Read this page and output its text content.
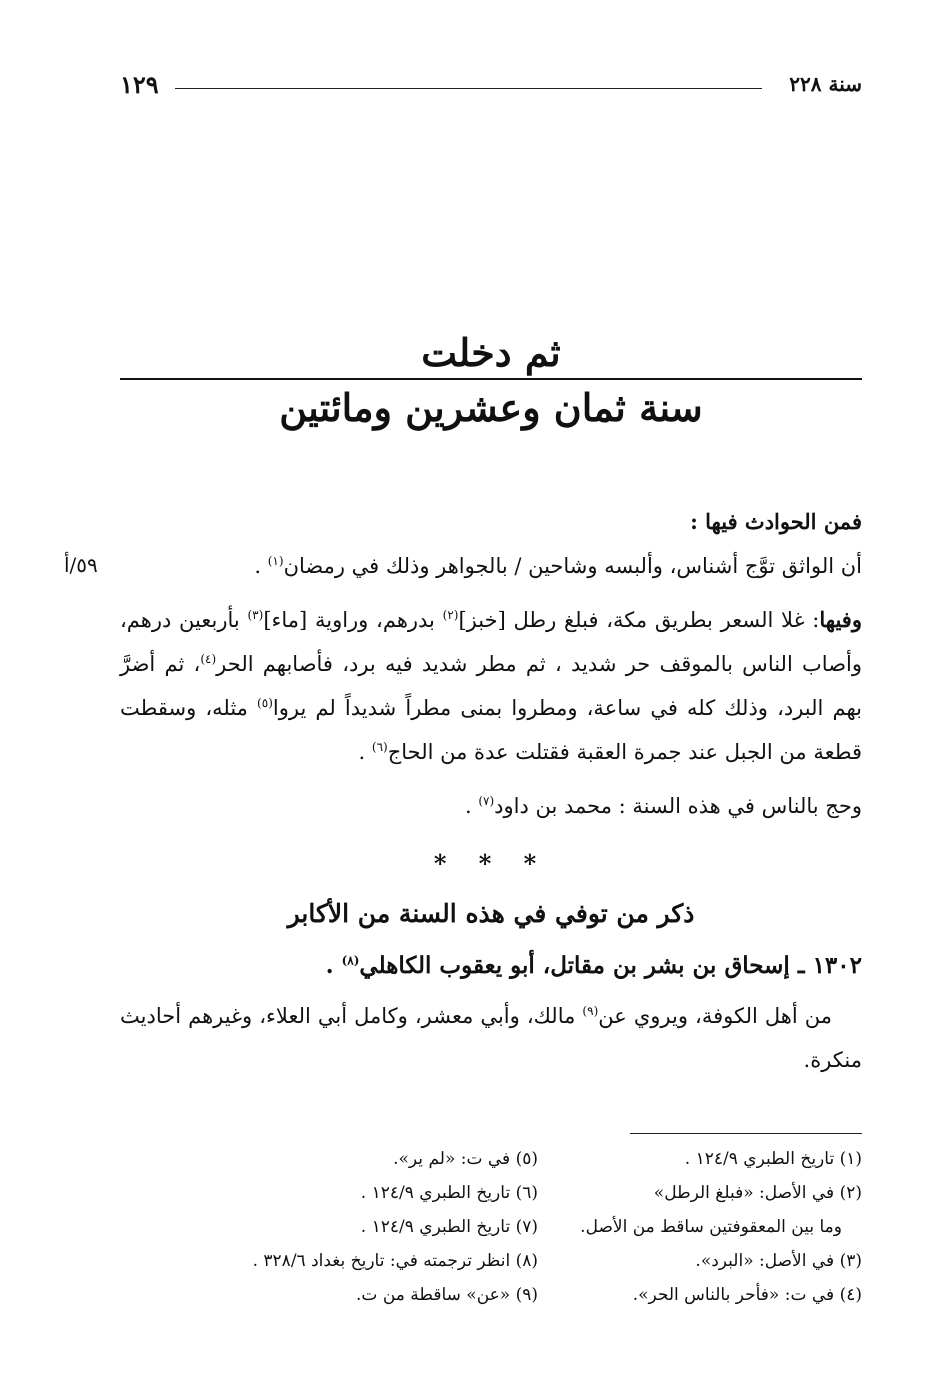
سنة ٢٢٨
١٢٩
ثم دخلت
سنة ثمان وعشرين ومائتين
٥٩/أ

فمن الحوادث فيها :

أن الواثق توَّج أشناس، وألبسه وشاحين / بالجواهر وذلك في رمضان$^{(١)}$ .

وفيها: غلا السعر بطريق مكة، فبلغ رطل [خبز]$^{(٢)}$ بدرهم، وراوية [ماء]$^{(٣)}$ بأربعين درهم، وأصاب الناس بالموقف حر شديد ، ثم مطر شديد فيه برد، فأصابهم الحر$^{(٤)}$، ثم أضرَّ بهم البرد، وذلك كله في ساعة، ومطروا بمنى مطراً شديداً لم يروا$^{(٥)}$ مثله، وسقطت قطعة من الجبل عند جمرة العقبة فقتلت عدة من الحاج$^{(٦)}$ .

وحج بالناس في هذه السنة : محمد بن داود$^{(٧)}$ .

* * *
ذكر من توفي في هذه السنة من الأكابر
١٣٠٢ ـ إسحاق بن بشر بن مقاتل، أبو يعقوب الكاهلي$^{(٨)}$ .

من أهل الكوفة، ويروي عن$^{(٩)}$ مالك، وأبي معشر، وكامل أبي العلاء، وغيرهم أحاديث منكرة.

(١) تاريخ الطبري ١٢٤/٩ .
(٢) في الأصل: «فبلغ الرطل»
وما بين المعقوفتين ساقط من الأصل.
(٣) في الأصل: «البرد».
(٤) في ت: «فأحر بالناس الحر».
(٥) في ت: «لم ير».
(٦) تاريخ الطبري ١٢٤/٩ .
(٧) تاريخ الطبري ١٢٤/٩ .
(٨) انظر ترجمته في: تاريخ بغداد ٣٢٨/٦ .
(٩) «عن» ساقطة من ت.
